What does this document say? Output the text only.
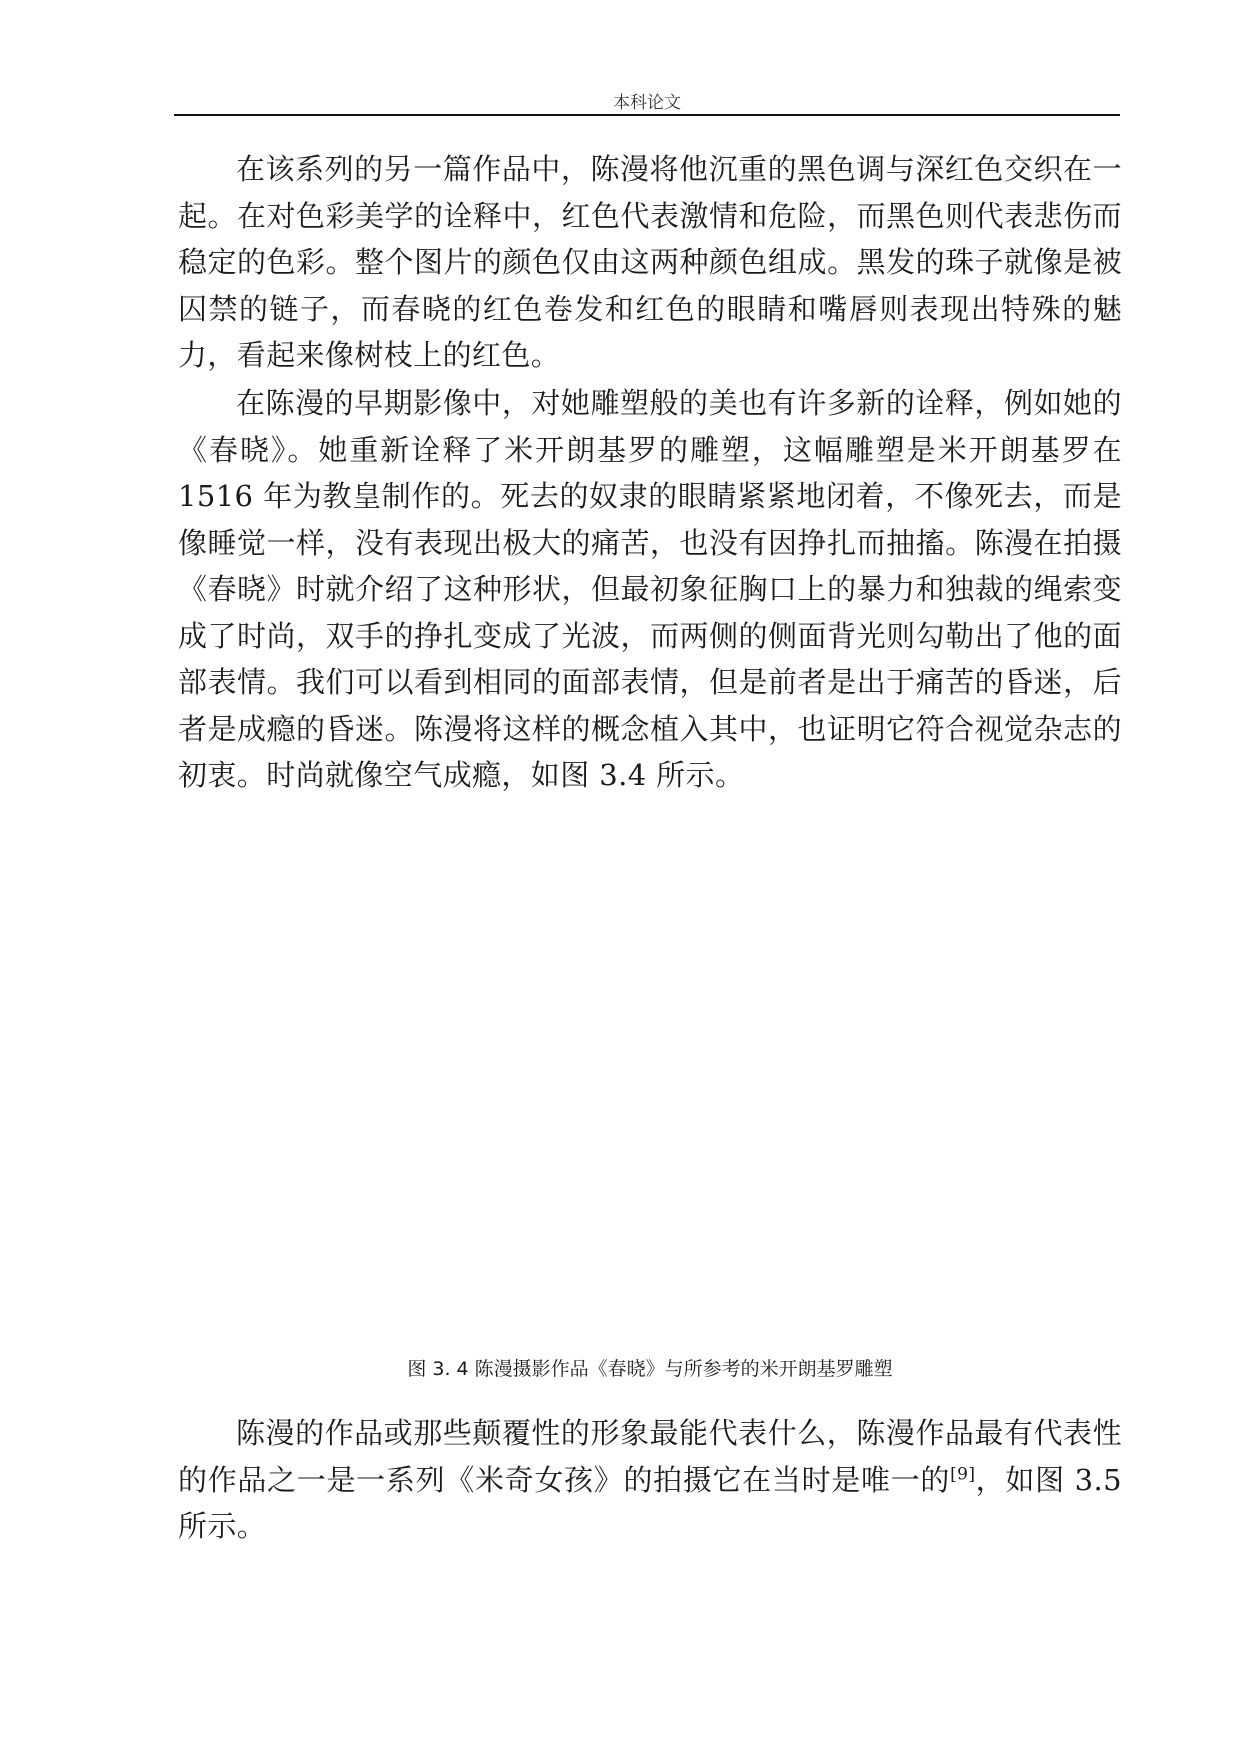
本科论文

在该系列的另一篇作品中，陈漫将他沉重的黑色调与深红色交织在一起。在对色彩美学的诠释中，红色代表激情和危险，而黑色则代表悲伤而稳定的色彩。整个图片的颜色仅由这两种颜色组成。黑发的珠子就像是被囚禁的链子，而春晓的红色卷发和红色的眼睛和嘴唇则表现出特殊的魅力，看起来像树枝上的红色。

在陈漫的早期影像中，对她雕塑般的美也有许多新的诠释，例如她的《春晓》。她重新诠释了米开朗基罗的雕塑，这幅雕塑是米开朗基罗在 1516 年为教皇制作的。死去的奴隶的眼睛紧紧地闭着，不像死去，而是像睡觉一样，没有表现出极大的痛苦，也没有因挣扎而抽搐。陈漫在拍摄《春晓》时就介绍了这种形状，但最初象征胸口上的暴力和独裁的绳索变成了时尚，双手的挣扎变成了光波，而两侧的侧面背光则勾勒出了他的面部表情。我们可以看到相同的面部表情，但是前者是出于痛苦的昏迷，后者是成瘾的昏迷。陈漫将这样的概念植入其中，也证明它符合视觉杂志的初衷。时尚就像空气成瘾，如图 3.4 所示。

图 3. 4 陈漫摄影作品《春晓》与所参考的米开朗基罗雕塑

陈漫的作品或那些颠覆性的形象最能代表什么，陈漫作品最有代表性的作品之一是一系列《米奇女孩》的拍摄它在当时是唯一的[9]，如图 3.5 所示。
